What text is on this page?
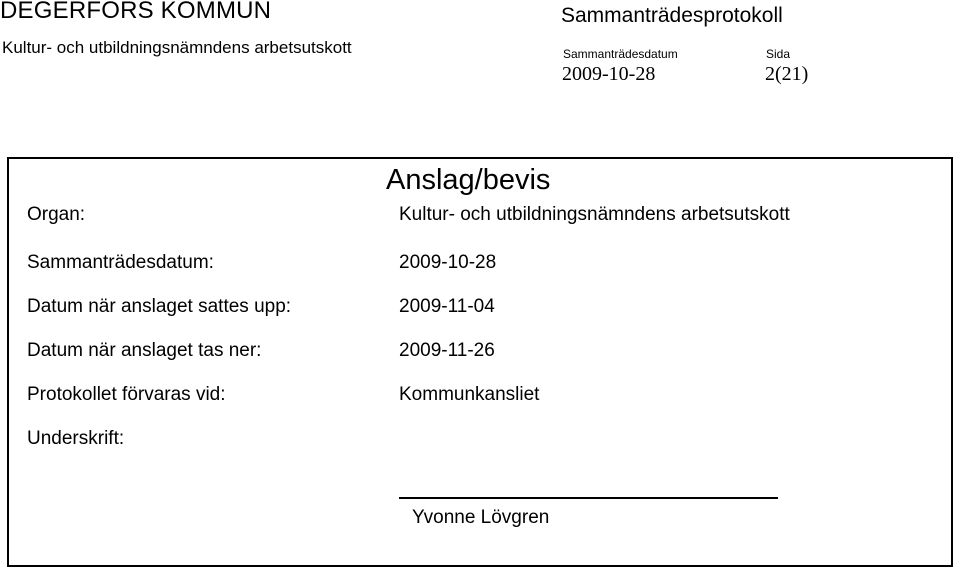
DEGERFORS KOMMUN
Kultur- och utbildningsnämndens arbetsutskott
Sammanträdesprotokoll
Sammanträdesdatum	Sida
2009-10-28	2(21)
Anslag/bevis
Organ:	Kultur- och utbildningsnämndens arbetsutskott
Sammanträdesdatum:	2009-10-28
Datum när anslaget sattes upp:	2009-11-04
Datum när anslaget tas ner:	2009-11-26
Protokollet förvaras vid:	Kommunkansliet
Underskrift:
Yvonne Lövgren
